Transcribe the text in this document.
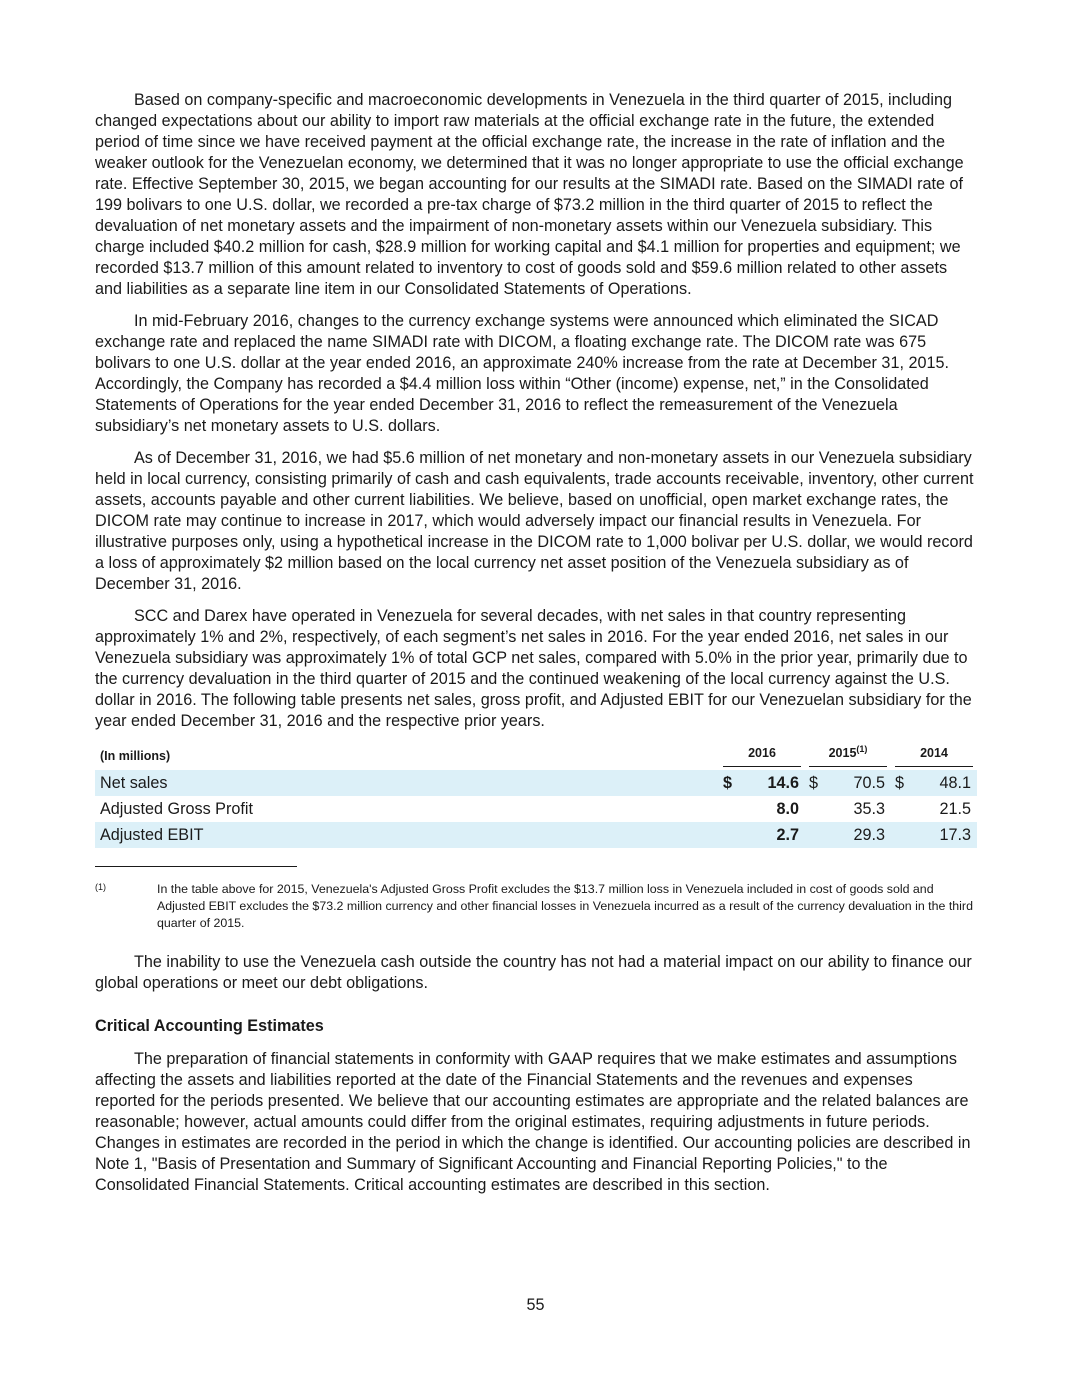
Based on company-specific and macroeconomic developments in Venezuela in the third quarter of 2015, including changed expectations about our ability to import raw materials at the official exchange rate in the future, the extended period of time since we have received payment at the official exchange rate, the increase in the rate of inflation and the weaker outlook for the Venezuelan economy, we determined that it was no longer appropriate to use the official exchange rate. Effective September 30, 2015, we began accounting for our results at the SIMADI rate. Based on the SIMADI rate of 199 bolivars to one U.S. dollar, we recorded a pre-tax charge of $73.2 million in the third quarter of 2015 to reflect the devaluation of net monetary assets and the impairment of non-monetary assets within our Venezuela subsidiary. This charge included $40.2 million for cash, $28.9 million for working capital and $4.1 million for properties and equipment; we recorded $13.7 million of this amount related to inventory to cost of goods sold and $59.6 million related to other assets and liabilities as a separate line item in our Consolidated Statements of Operations.

In mid-February 2016, changes to the currency exchange systems were announced which eliminated the SICAD exchange rate and replaced the name SIMADI rate with DICOM, a floating exchange rate. The DICOM rate was 675 bolivars to one U.S. dollar at the year ended 2016, an approximate 240% increase from the rate at December 31, 2015. Accordingly, the Company has recorded a $4.4 million loss within “Other (income) expense, net,” in the Consolidated Statements of Operations for the year ended December 31, 2016 to reflect the remeasurement of the Venezuela subsidiary’s net monetary assets to U.S. dollars.

As of December 31, 2016, we had $5.6 million of net monetary and non-monetary assets in our Venezuela subsidiary held in local currency, consisting primarily of cash and cash equivalents, trade accounts receivable, inventory, other current assets, accounts payable and other current liabilities. We believe, based on unofficial, open market exchange rates, the DICOM rate may continue to increase in 2017, which would adversely impact our financial results in Venezuela. For illustrative purposes only, using a hypothetical increase in the DICOM rate to 1,000 bolivar per U.S. dollar, we would record a loss of approximately $2 million based on the local currency net asset position of the Venezuela subsidiary as of December 31, 2016.

SCC and Darex have operated in Venezuela for several decades, with net sales in that country representing approximately 1% and 2%, respectively, of each segment’s net sales in 2016. For the year ended 2016, net sales in our Venezuela subsidiary was approximately 1% of total GCP net sales, compared with 5.0% in the prior year, primarily due to the currency devaluation in the third quarter of 2015 and the continued weakening of the local currency against the U.S. dollar in 2016. The following table presents net sales, gross profit, and Adjusted EBIT for our Venezuelan subsidiary for the year ended December 31, 2016 and the respective prior years.

(In millions)	2016		2015$^{(1)}$		2014	
Net sales	$	14.6	$	70.5	$	48.1
Adjusted Gross Profit		8.0		35.3		21.5
Adjusted EBIT		2.7		29.3		17.3
(1)	In the table above for 2015, Venezuela's Adjusted Gross Profit excludes the $13.7 million loss in Venezuela included in cost of goods sold and Adjusted EBIT excludes the $73.2 million currency and other financial losses in Venezuela incurred as a result of the currency devaluation in the third quarter of 2015.

The inability to use the Venezuela cash outside the country has not had a material impact on our ability to finance our global operations or meet our debt obligations.

Critical Accounting Estimates

The preparation of financial statements in conformity with GAAP requires that we make estimates and assumptions affecting the assets and liabilities reported at the date of the Financial Statements and the revenues and expenses reported for the periods presented. We believe that our accounting estimates are appropriate and the related balances are reasonable; however, actual amounts could differ from the original estimates, requiring adjustments in future periods. Changes in estimates are recorded in the period in which the change is identified. Our accounting policies are described in Note 1, "Basis of Presentation and Summary of Significant Accounting and Financial Reporting Policies," to the Consolidated Financial Statements. Critical accounting estimates are described in this section.

55
